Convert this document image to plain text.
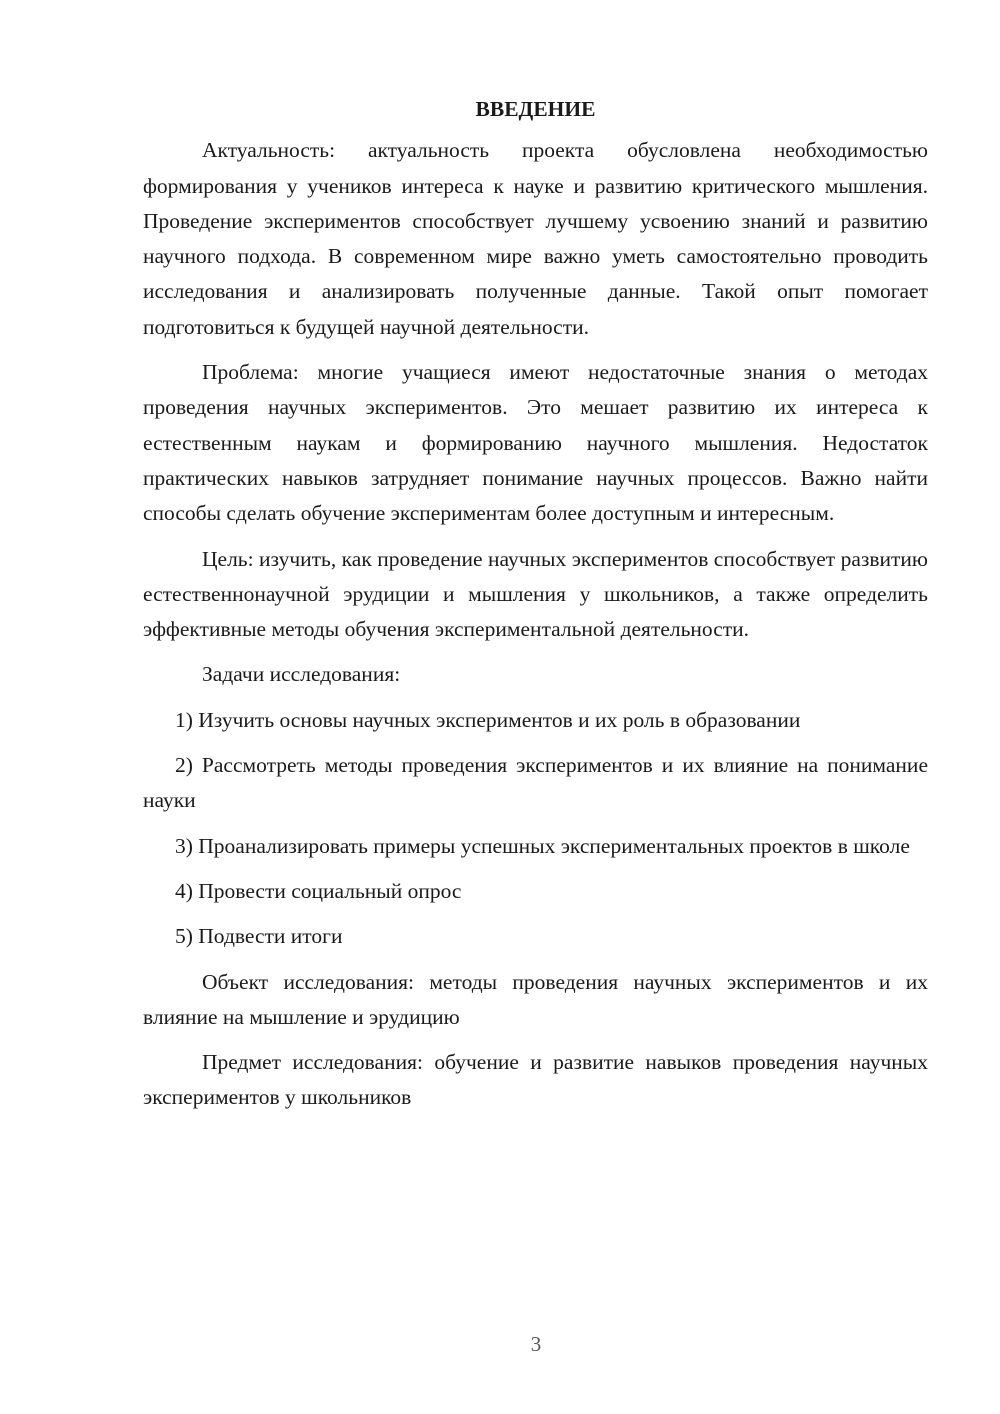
ВВЕДЕНИЕ

Актуальность: актуальность проекта обусловлена необходимостью формирования у учеников интереса к науке и развитию критического мышления. Проведение экспериментов способствует лучшему усвоению знаний и развитию научного подхода. В современном мире важно уметь самостоятельно проводить исследования и анализировать полученные данные. Такой опыт помогает подготовиться к будущей научной деятельности.

Проблема: многие учащиеся имеют недостаточные знания о методах проведения научных экспериментов. Это мешает развитию их интереса к естественным наукам и формированию научного мышления. Недостаток практических навыков затрудняет понимание научных процессов. Важно найти способы сделать обучение экспериментам более доступным и интересным.

Цель: изучить, как проведение научных экспериментов способствует развитию естественнонаучной эрудиции и мышления у школьников, а также определить эффективные методы обучения экспериментальной деятельности.

Задачи исследования:

1) Изучить основы научных экспериментов и их роль в образовании

2) Рассмотреть методы проведения экспериментов и их влияние на понимание науки

3) Проанализировать примеры успешных экспериментальных проектов в школе

4) Провести социальный опрос

5) Подвести итоги

Объект исследования: методы проведения научных экспериментов и их влияние на мышление и эрудицию

Предмет исследования: обучение и развитие навыков проведения научных экспериментов у школьников

3
